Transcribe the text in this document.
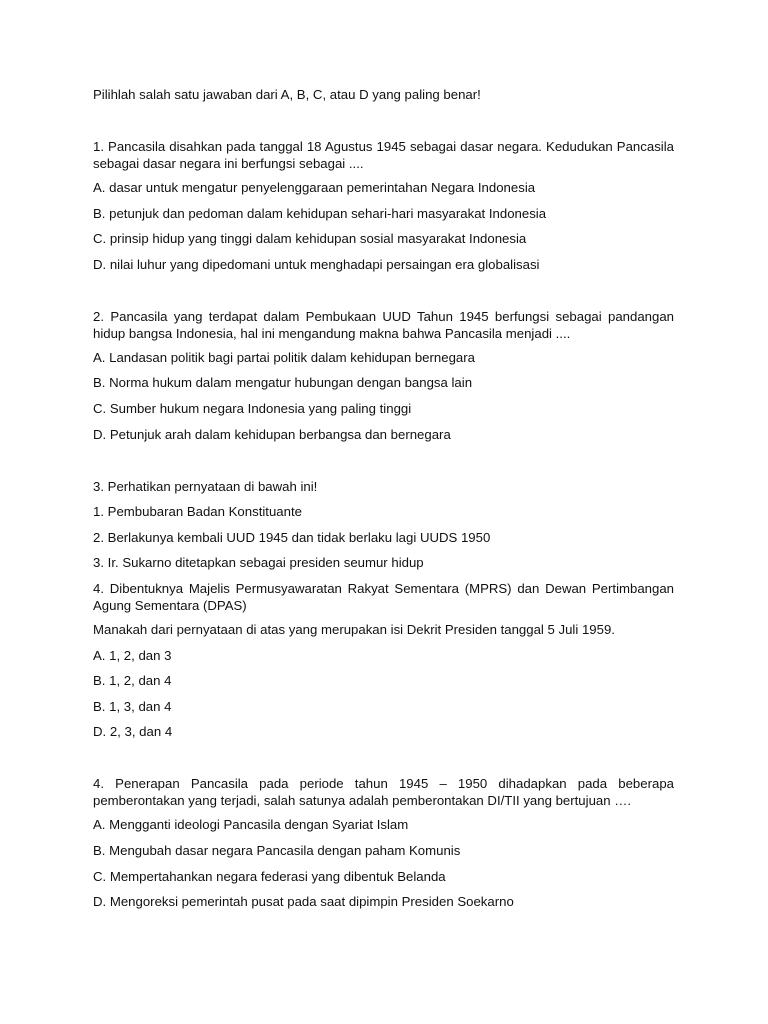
Pilihlah salah satu jawaban dari A, B, C, atau D yang paling benar!

1. Pancasila disahkan pada tanggal 18 Agustus 1945 sebagai dasar negara. Kedudukan Pancasila sebagai dasar negara ini berfungsi sebagai ....

A. dasar untuk mengatur penyelenggaraan pemerintahan Negara Indonesia

B. petunjuk dan pedoman dalam kehidupan sehari-hari masyarakat Indonesia

C. prinsip hidup yang tinggi dalam kehidupan sosial masyarakat Indonesia

D. nilai luhur yang dipedomani untuk menghadapi persaingan era globalisasi

2. Pancasila yang terdapat dalam Pembukaan UUD Tahun 1945 berfungsi sebagai pandangan hidup bangsa Indonesia, hal ini mengandung makna bahwa Pancasila menjadi ....

A. Landasan politik bagi partai politik dalam kehidupan bernegara

B. Norma hukum dalam mengatur hubungan dengan bangsa lain

C. Sumber hukum negara Indonesia yang paling tinggi

D. Petunjuk arah dalam kehidupan berbangsa dan bernegara

3. Perhatikan pernyataan di bawah ini!

1. Pembubaran Badan Konstituante

2. Berlakunya kembali UUD 1945 dan tidak berlaku lagi UUDS 1950

3. Ir. Sukarno ditetapkan sebagai presiden seumur hidup

4. Dibentuknya Majelis Permusyawaratan Rakyat Sementara (MPRS) dan Dewan Pertimbangan Agung Sementara (DPAS)

Manakah dari pernyataan di atas yang merupakan isi Dekrit Presiden tanggal 5 Juli 1959.

A. 1, 2, dan 3

B. 1, 2, dan 4

B. 1, 3, dan 4

D. 2, 3, dan 4

4. Penerapan Pancasila pada periode tahun 1945 – 1950 dihadapkan pada beberapa pemberontakan yang terjadi, salah satunya adalah pemberontakan DI/TII yang bertujuan ….

A. Mengganti ideologi Pancasila dengan Syariat Islam

B. Mengubah dasar negara Pancasila dengan paham Komunis

C. Mempertahankan negara federasi yang dibentuk Belanda

D. Mengoreksi pemerintah pusat pada saat dipimpin Presiden Soekarno
